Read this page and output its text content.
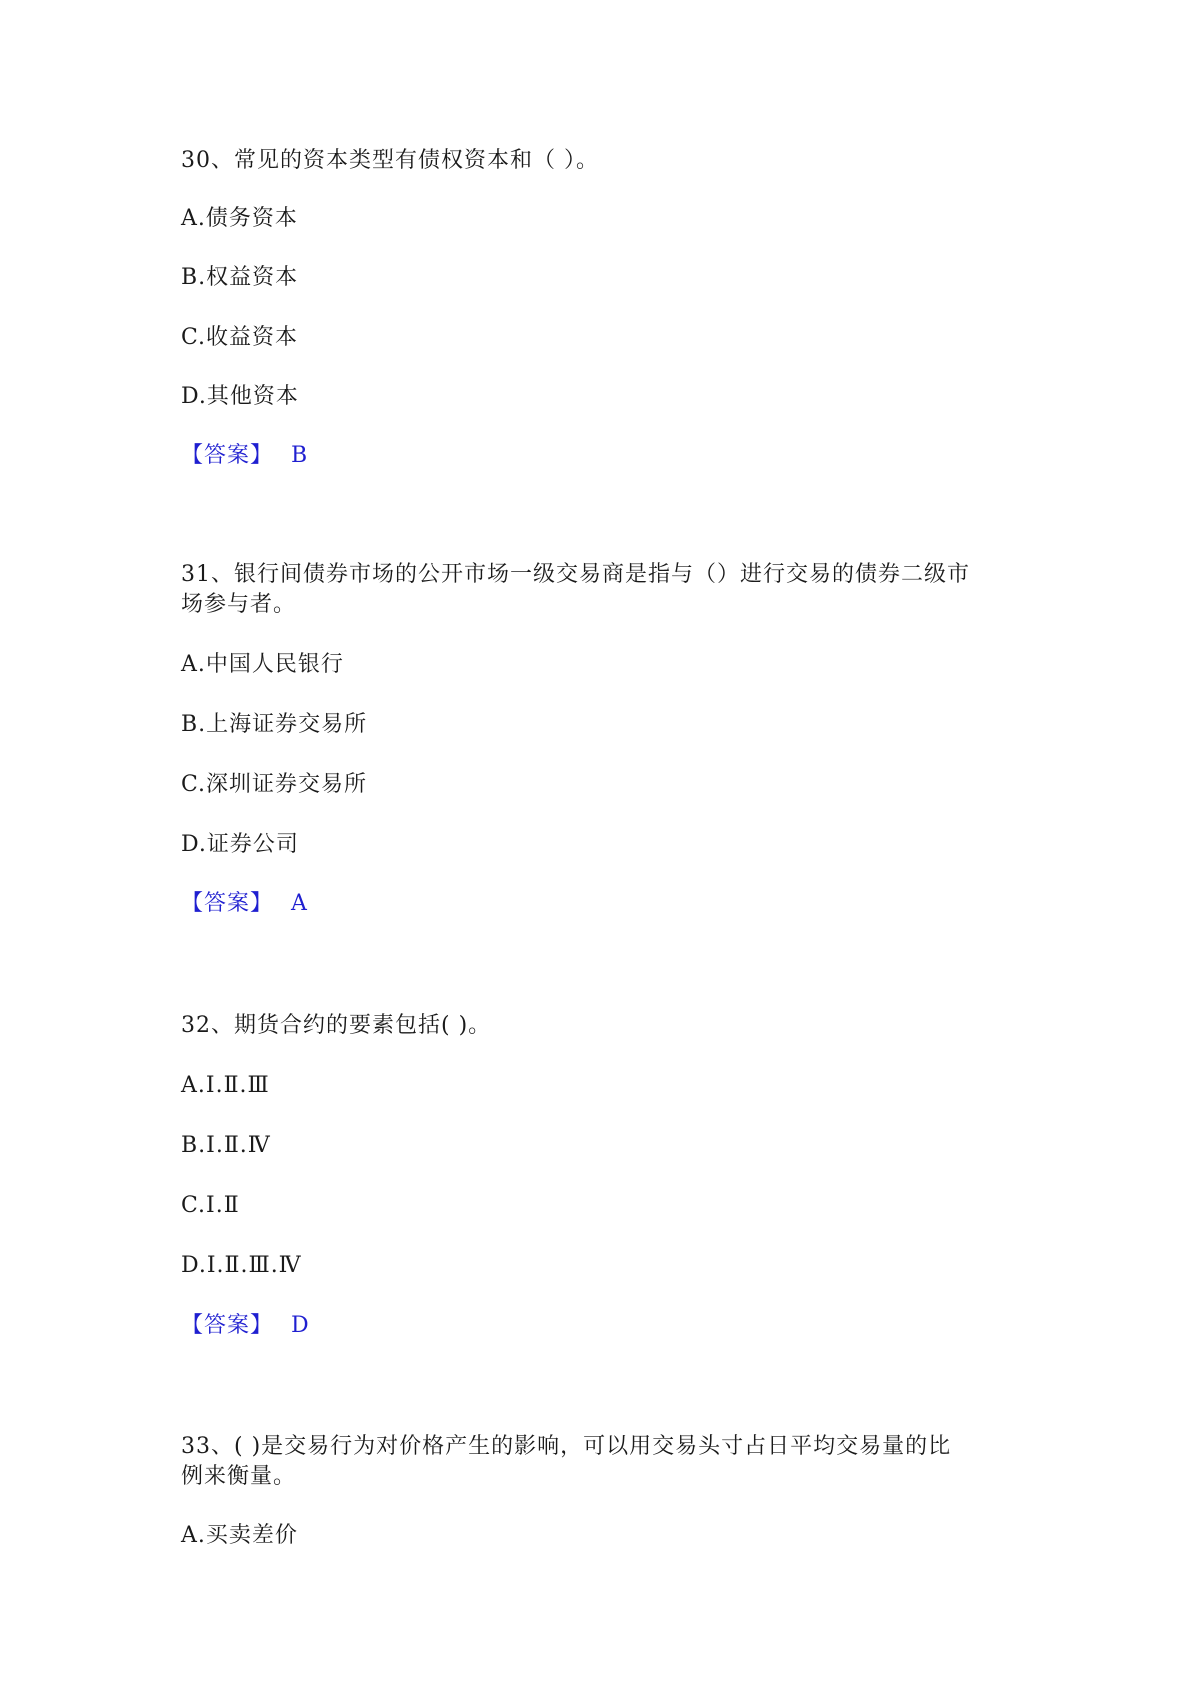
30、常见的资本类型有债权资本和（ ）。
A.债务资本
B.权益资本
C.收益资本
D.其他资本
【答案】 B
31、银行间债券市场的公开市场一级交易商是指与（）进行交易的债券二级市
场参与者。
A.中国人民银行
B.上海证券交易所
C.深圳证券交易所
D.证券公司
【答案】 A
32、期货合约的要素包括( )。
A.Ⅰ.Ⅱ.Ⅲ
B.Ⅰ.Ⅱ.Ⅳ
C.Ⅰ.Ⅱ
D.Ⅰ.Ⅱ.Ⅲ.Ⅳ
【答案】 D
33、( )是交易行为对价格产生的影响，可以用交易头寸占日平均交易量的比
例来衡量。
A.买卖差价
